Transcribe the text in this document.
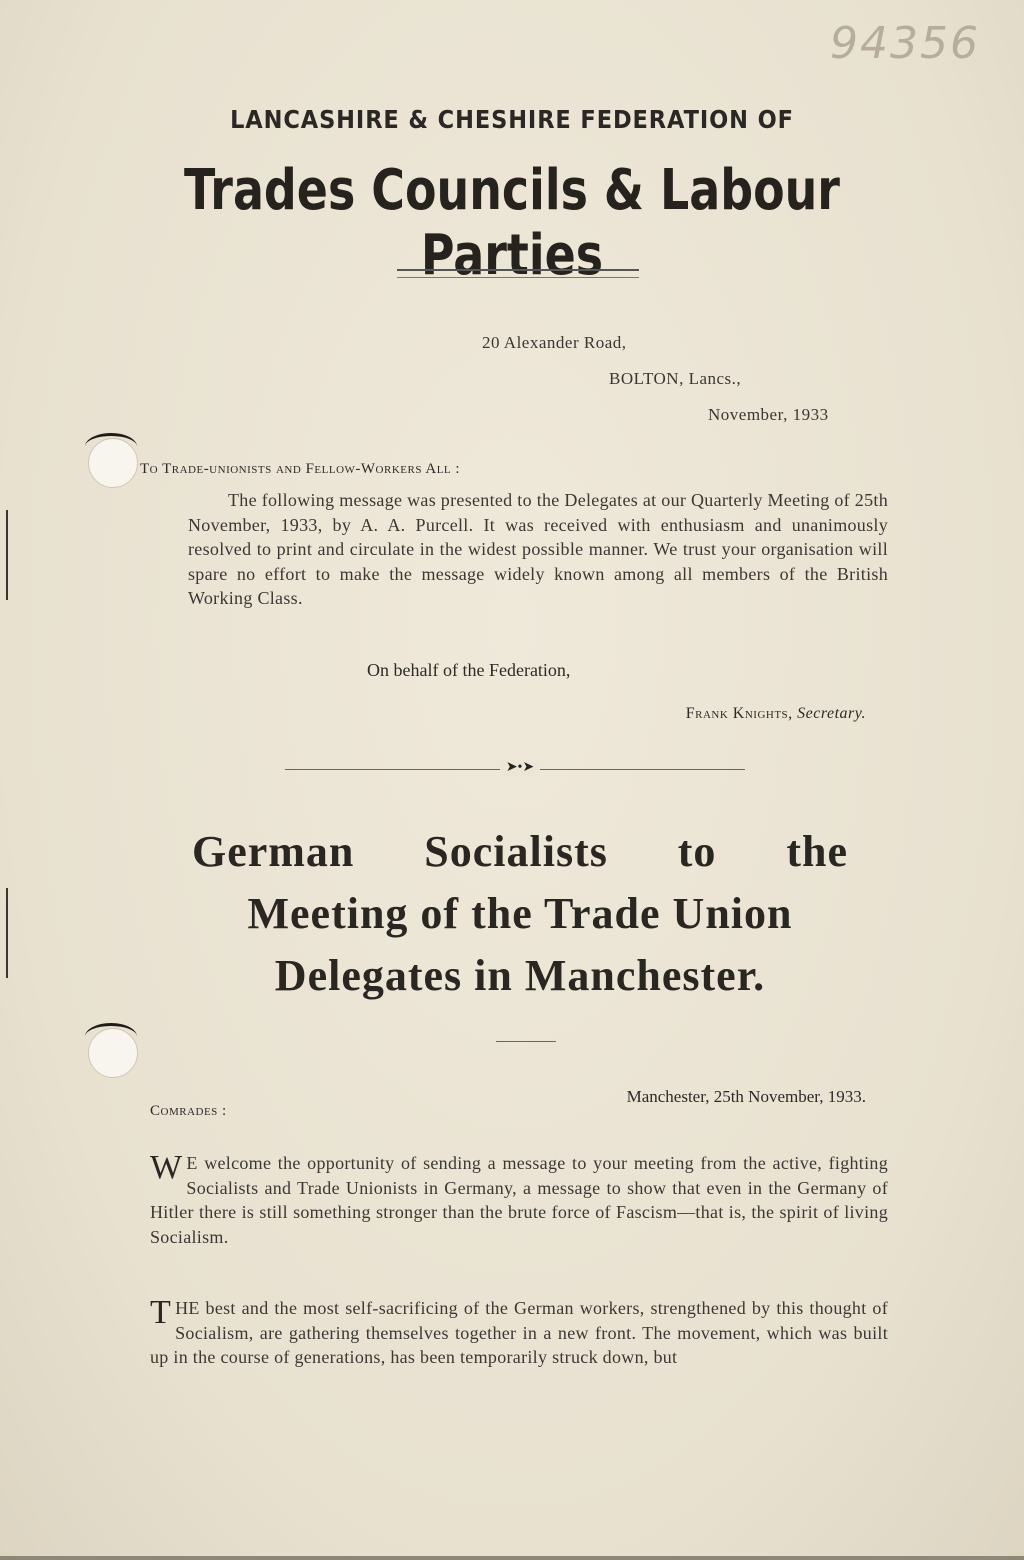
94356
LANCASHIRE & CHESHIRE FEDERATION OF
Trades Councils & Labour Parties
20 Alexander Road,
BOLTON, Lancs.,
November, 1933
To Trade-unionists and Fellow-Workers All :
The following message was presented to the Delegates at our Quarterly Meeting of 25th November, 1933, by A. A. Purcell. It was received with enthusiasm and unanimously resolved to print and circulate in the widest possible manner. We trust your organisation will spare no effort to make the message widely known among all members of the British Working Class.
On behalf of the Federation,
Frank Knights, Secretary.
➤•➤
German Socialists to the
Meeting of the Trade Union
Delegates in Manchester.
Manchester, 25th November, 1933.
Comrades :
W E welcome the opportunity of sending a message to your meeting from the active, fighting Socialists and Trade Unionists in Germany, a message to show that even in the Germany of Hitler there is still something stronger than the brute force of Fascism—that is, the spirit of living Socialism.
T HE best and the most self-sacrificing of the German workers, strengthened by this thought of Socialism, are gathering themselves together in a new front. The movement, which was built up in the course of generations, has been temporarily struck down, but
